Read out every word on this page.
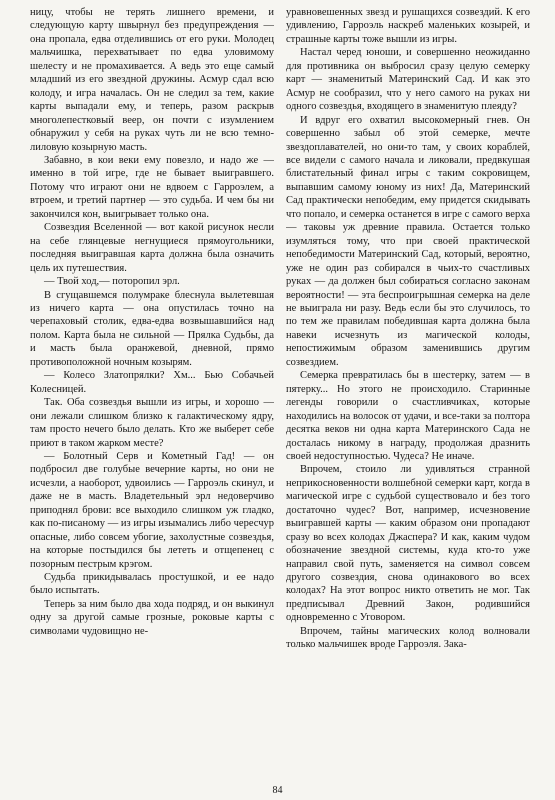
ницу, чтобы не терять лишнего времени, и следующую карту швырнул без предупреждения — она пропала, едва отделившись от его руки. Молодец мальчишка, перехватывает по едва уловимому шелесту и не промахивается. А ведь это еще самый младший из его звездной дружины. Асмур сдал всю колоду, и игра началась. Он не следил за тем, какие карты выпадали ему, и теперь, разом раскрыв многолепестковый веер, он почти с изумлением обнаружил у себя на руках чуть ли не всю темно-лиловую козырную масть.

Забавно, в кои веки ему повезло, и надо же — именно в той игре, где не бывает выигравшего. Потому что играют они не вдвоем с Гарроэлем, а втроем, и третий партнер — это судьба. И чем бы ни закончился кон, выигрывает только она.

Созвездия Вселенной — вот какой рисунок несли на себе глянцевые негнущиеся прямоугольники, последняя выигравшая карта должна была означить цель их путешествия.

— Твой ход,— поторопил эрл.

В сгущавшемся полумраке блеснула вылетевшая из ничего карта — она опустилась точно на черепаховый столик, едва-едва возвышавшийся над полом. Карта была не сильной — Прялка Судьбы, да и масть была оранжевой, дневной, прямо противоположной ночным козырям.

— Колесо Златопрялки? Хм... Бью Собачьей Колесницей.

Так. Оба созвездья вышли из игры, и хорошо — они лежали слишком близко к галактическому ядру, там просто нечего было делать. Кто же выберет себе приют в таком жарком месте?

— Болотный Серв и Кометный Гад! — он подбросил две голубые вечерние карты, но они не исчезли, а наоборот, удвоились — Гарроэль скинул, и даже не в масть. Владетельный эрл недоверчиво приподнял брови: все выходило слишком уж гладко, как по-писаному — из игры изымались либо чересчур опасные, либо совсем убогие, захолустные созвездья, на которые постыдился бы лететь и отщепенец с позорным пестрым крэгом.

Судьба прикидывалась простушкой, и ее надо было испытать.

Теперь за ним было два хода подряд, и он выкинул одну за другой самые грозные, роковые карты с символами чудовищно не-

уравновешенных звезд и рушащихся созвездий. К его удивлению, Гарроэль наскреб маленьких козырей, и страшные карты тоже вышли из игры.

Настал черед юноши, и совершенно неожиданно для противника он выбросил сразу целую семерку карт — знаменитый Материнский Сад. И как это Асмур не сообразил, что у него самого на руках ни одного созвездья, входящего в знаменитую плеяду?

И вдруг его охватил высокомерный гнев. Он совершенно забыл об этой семерке, мечте звездоплавателей, но они-то там, у своих кораблей, все видели с самого начала и ликовали, предвкушая блистательный финал игры с таким сокровищем, выпавшим самому юному из них! Да, Материнский Сад практически непобедим, ему придется скидывать что попало, и семерка останется в игре с самого верха — таковы уж древние правила. Остается только изумляться тому, что при своей практической непобедимости Материнский Сад, который, вероятно, уже не один раз собирался в чьих-то счастливых руках — да должен был собираться согласно законам вероятности! — эта беспроигрышная семерка на деле не выиграла ни разу. Ведь если бы это случилось, то по тем же правилам победившая карта должна была навеки исчезнуть из магической колоды, непостижимым образом заменившись другим созвездием.

Семерка превратилась бы в шестерку, затем — в пятерку... Но этого не происходило. Старинные легенды говорили о счастливчиках, которые находились на волосок от удачи, и все-таки за полтора десятка веков ни одна карта Материнского Сада не досталась никому в награду, продолжая дразнить своей недоступностью. Чудеса? Не иначе.

Впрочем, стоило ли удивляться странной неприкосновенности волшебной семерки карт, когда в магической игре с судьбой существовало и без того достаточно чудес? Вот, например, исчезновение выигравшей карты — каким образом они пропадают сразу во всех колодах Джаспера? И как, каким чудом обозначение звездной системы, куда кто-то уже направил свой путь, заменяется на символ совсем другого созвездия, снова одинакового во всех колодах? На этот вопрос никто ответить не мог. Так предписывал Древний Закон, родившийся одновременно с Уговором.

Впрочем, тайны магических колод волновали только мальчишек вроде Гарроэля. Зака-

84
